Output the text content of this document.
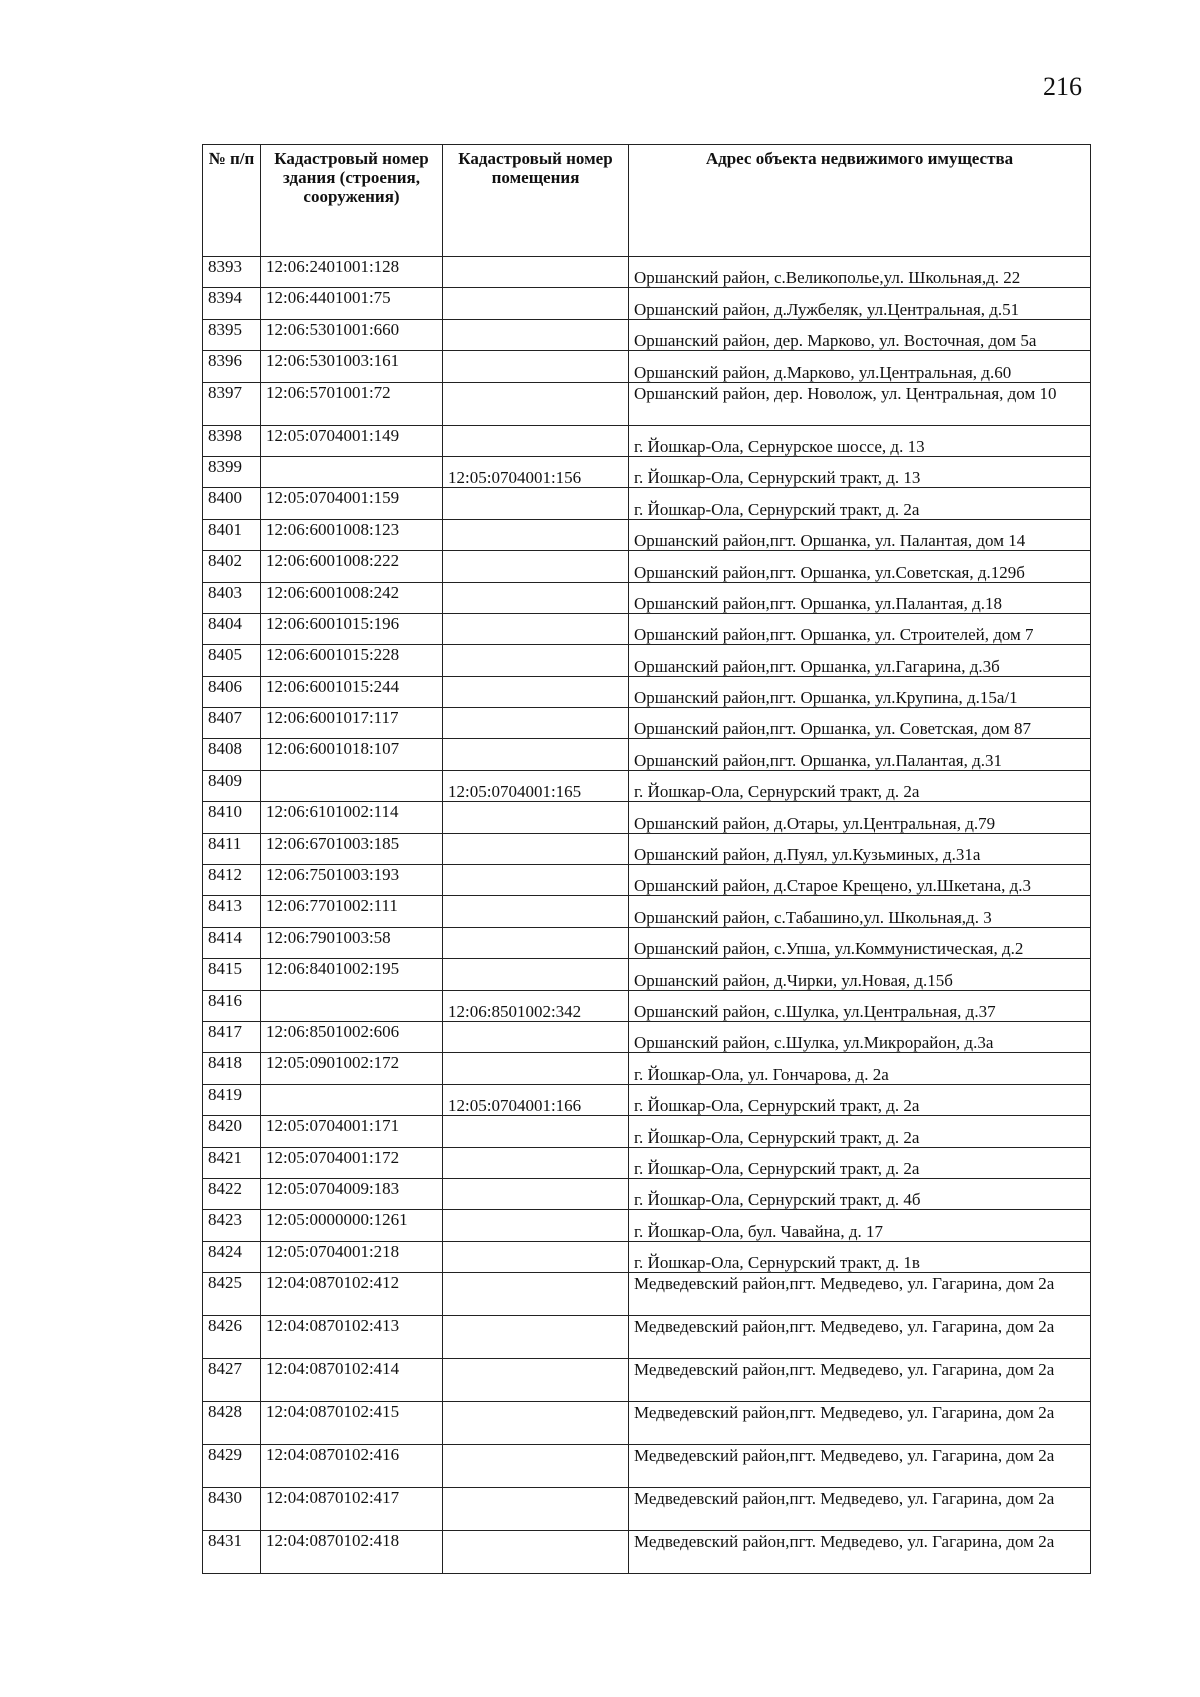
216
№ п/п	Кадастровый номер здания (строения, сооружения)	Кадастровый номер помещения	Адрес объекта недвижимого имущества
8393	12:06:2401001:128		Оршанский район, с.Великополье,ул. Школьная,д. 22
8394	12:06:4401001:75		Оршанский район, д.Лужбеляк, ул.Центральная, д.51
8395	12:06:5301001:660		Оршанский район, дер. Марково, ул. Восточная, дом 5а
8396	12:06:5301003:161		Оршанский район, д.Марково, ул.Центральная, д.60
8397	12:06:5701001:72		Оршанский район, дер. Новолож, ул. Центральная, дом 10
8398	12:05:0704001:149		г. Йошкар-Ола, Сернурское шоссе, д. 13
8399		12:05:0704001:156	г. Йошкар-Ола, Сернурский тракт, д. 13
8400	12:05:0704001:159		г. Йошкар-Ола, Сернурский тракт, д. 2а
8401	12:06:6001008:123		Оршанский район,пгт. Оршанка, ул. Палантая, дом 14
8402	12:06:6001008:222		Оршанский район,пгт. Оршанка, ул.Советская, д.129б
8403	12:06:6001008:242		Оршанский район,пгт. Оршанка, ул.Палантая, д.18
8404	12:06:6001015:196		Оршанский район,пгт. Оршанка, ул. Строителей, дом 7
8405	12:06:6001015:228		Оршанский район,пгт. Оршанка, ул.Гагарина, д.3б
8406	12:06:6001015:244		Оршанский район,пгт. Оршанка, ул.Крупина, д.15а/1
8407	12:06:6001017:117		Оршанский район,пгт. Оршанка, ул. Советская, дом 87
8408	12:06:6001018:107		Оршанский район,пгт. Оршанка, ул.Палантая, д.31
8409		12:05:0704001:165	г. Йошкар-Ола, Сернурский тракт, д. 2а
8410	12:06:6101002:114		Оршанский район, д.Отары, ул.Центральная, д.79
8411	12:06:6701003:185		Оршанский район, д.Пуял, ул.Кузьминых, д.31а
8412	12:06:7501003:193		Оршанский район, д.Старое Крещено, ул.Шкетана, д.3
8413	12:06:7701002:111		Оршанский район, с.Табашино,ул. Школьная,д. 3
8414	12:06:7901003:58		Оршанский район, с.Упша, ул.Коммунистическая, д.2
8415	12:06:8401002:195		Оршанский район, д.Чирки, ул.Новая, д.15б
8416		12:06:8501002:342	Оршанский район, с.Шулка, ул.Центральная, д.37
8417	12:06:8501002:606		Оршанский район, с.Шулка, ул.Микрорайон, д.3а
8418	12:05:0901002:172		г. Йошкар-Ола, ул. Гончарова, д. 2а
8419		12:05:0704001:166	г. Йошкар-Ола, Сернурский тракт, д. 2а
8420	12:05:0704001:171		г. Йошкар-Ола, Сернурский тракт, д. 2а
8421	12:05:0704001:172		г. Йошкар-Ола, Сернурский тракт, д. 2а
8422	12:05:0704009:183		г. Йошкар-Ола, Сернурский тракт, д. 4б
8423	12:05:0000000:1261		г. Йошкар-Ола, бул. Чавайна, д. 17
8424	12:05:0704001:218		г. Йошкар-Ола, Сернурский тракт, д. 1в
8425	12:04:0870102:412		Медведевский район,пгт. Медведево, ул. Гагарина, дом 2а
8426	12:04:0870102:413		Медведевский район,пгт. Медведево, ул. Гагарина, дом 2а
8427	12:04:0870102:414		Медведевский район,пгт. Медведево, ул. Гагарина, дом 2а
8428	12:04:0870102:415		Медведевский район,пгт. Медведево, ул. Гагарина, дом 2а
8429	12:04:0870102:416		Медведевский район,пгт. Медведево, ул. Гагарина, дом 2а
8430	12:04:0870102:417		Медведевский район,пгт. Медведево, ул. Гагарина, дом 2а
8431	12:04:0870102:418		Медведевский район,пгт. Медведево, ул. Гагарина, дом 2а
